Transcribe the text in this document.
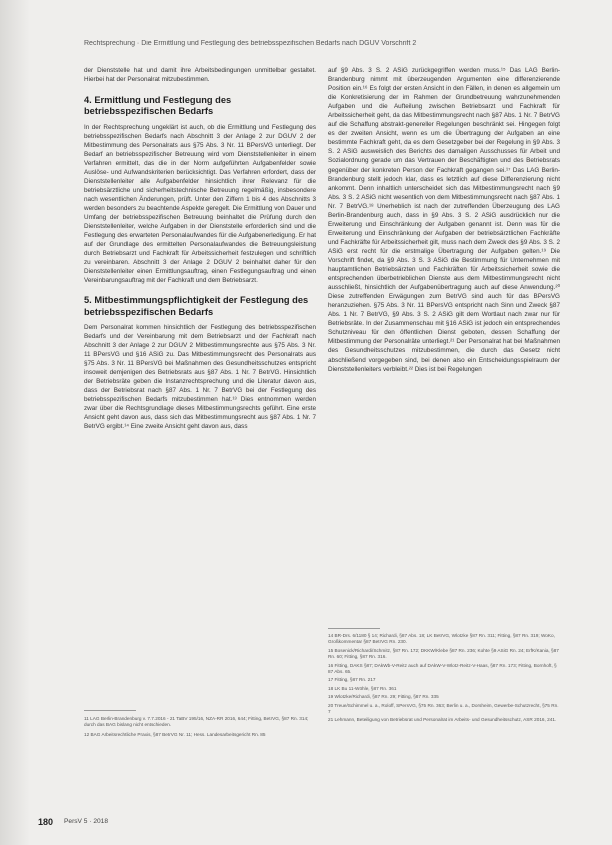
Rechtsprechung · Die Ermittlung und Festlegung des betriebsspezifischen Bedarfs nach DGUV Vorschrift 2

der Dienststelle hat und damit ihre Arbeitsbedingungen unmittelbar gestaltet. Hierbei hat der Personalrat mitzubestimmen.

4. Ermittlung und Festlegung des betriebsspezifischen Bedarfs

In der Rechtsprechung ungeklärt ist auch, ob die Ermittlung und Festlegung des betriebsspezifischen Bedarfs nach Abschnitt 3 der Anlage 2 zur DGUV 2 der Mitbestimmung des Personalrats aus §75 Abs. 3 Nr. 11 BPersVG unterliegt. Der Bedarf an betriebsspezifischer Betreuung wird vom Dienststellenleiter in einem Verfahren ermittelt, das die in der Norm aufgeführten Aufgabenfelder sowie Auslöse- und Aufwandskriterien berücksichtigt. Das Verfahren erfordert, dass der Dienststellenleiter alle Aufgabenfelder hinsichtlich ihrer Relevanz für die betriebsärztliche und sicherheitstechnische Betreuung regelmäßig, insbesondere nach wesentlichen Änderungen, prüft. Unter den Ziffern 1 bis 4 des Abschnitts 3 werden besonders zu beachtende Aspekte geregelt. Die Ermittlung von Dauer und Umfang der betriebsspezifischen Betreuung beinhaltet die Prüfung durch den Dienststellenleiter, welche Aufgaben in der Dienststelle erforderlich sind und die Festlegung des erwarteten Personalaufwandes für die Aufgabenerledigung. Er hat auf der Grundlage des ermittelten Personalaufwandes die Betreuungsleistung durch Betriebsarzt und Fachkraft für Arbeitssicherheit festzulegen und schriftlich zu vereinbaren. Abschnitt 3 der Anlage 2 DGUV 2 beinhaltet daher für den Dienststellenleiter einen Ermittlungsauftrag, einen Festlegungsauftrag und einen Vereinbarungsauftrag mit der Fachkraft und dem Betriebsarzt.

5. Mitbestimmungspflichtigkeit der Festlegung des betriebsspezifischen Bedarfs

Dem Personalrat kommen hinsichtlich der Festlegung des betriebsspezifischen Bedarfs und der Vereinbarung mit dem Betriebsarzt und der Fachkraft nach Abschnitt 3 der Anlage 2 zur DGUV 2 Mitbestimmungsrechte aus §75 Abs. 3 Nr. 11 BPersVG und §16 ASiG zu. Das Mitbestimmungsrecht des Personalrats aus §75 Abs. 3 Nr. 11 BPersVG bei Maßnahmen des Gesundheitsschutzes entspricht insoweit demjenigen des Betriebsrats aus §87 Abs. 1 Nr. 7 BetrVG. Hinsichtlich der Betriebsräte geben die Instanzrechtsprechung und die Literatur davon aus, dass der Betriebsrat nach §87 Abs. 1 Nr. 7 BetrVG bei der Festlegung des betriebsspezifischen Bedarfs mitzubestimmen hat.¹³ Dies entnommen werden zwar über die Rechtsgrundlage dieses Mitbestimmungsrechts geführt. Eine erste Ansicht geht davon aus, dass sich das Mitbestimmungsrecht aus §87 Abs. 1 Nr. 7 BetrVG ergibt.¹⁴ Eine zweite Ansicht geht davon aus, dass

11 LAG Berlin-Brandenburg v. 7.7.2016 - 21 TaBV 195/16, NZA-RR 2016, 644; Fitting, BetrVG, §87 Rn. 314; durch das BAG bislang nicht entschieden.

12 BAG Arbeitsrechtliche Praxis, §87 BetrVG Nr. 11; Hess. Landesarbeitsgericht Rn. 85

auf §9 Abs. 3 S. 2 ASiG zurückgegriffen werden muss.¹⁵ Das LAG Berlin-Brandenburg nimmt mit überzeugenden Argumenten eine differenzierende Position ein.¹⁶ Es folgt der ersten Ansicht in den Fällen, in denen es allgemein um die Konkretisierung der im Rahmen der Grundbetreuung wahrzunehmenden Aufgaben und die Aufteilung zwischen Betriebsarzt und Fachkraft für Arbeitssicherheit geht, da das Mitbestimmungsrecht nach §87 Abs. 1 Nr. 7 BetrVG auf die Schaffung abstrakt-genereller Regelungen beschränkt sei. Hingegen folgt es der zweiten Ansicht, wenn es um die Übertragung der Aufgaben an eine bestimmte Fachkraft geht, da es dem Gesetzgeber bei der Regelung in §9 Abs. 3 S. 2 ASiG ausweislich des Berichts des damaligen Ausschusses für Arbeit und Sozialordnung gerade um das Vertrauen der Beschäftigten und des Betriebsrats gegenüber der konkreten Person der Fachkraft gegangen sei.¹⁷ Das LAG Berlin-Brandenburg stellt jedoch klar, dass es letztlich auf diese Differenzierung nicht ankommt. Denn inhaltlich unterscheidet sich das Mitbestimmungsrecht nach §9 Abs. 3 S. 2 ASiG nicht wesentlich von dem Mitbestimmungsrecht nach §87 Abs. 1 Nr. 7 BetrVG.¹⁸ Unerheblich ist nach der zutreffenden Überzeugung des LAG Berlin-Brandenburg auch, dass in §9 Abs. 3 S. 2 ASiG ausdrücklich nur die Erweiterung und Einschränkung der Aufgaben genannt ist. Denn was für die Erweiterung und Einschränkung der Aufgaben der betriebsärztlichen Fachkräfte und Fachkräfte für Arbeitssicherheit gilt, muss nach dem Zweck des §9 Abs. 3 S. 2 ASiG erst recht für die erstmalige Übertragung der Aufgaben gelten.¹⁹ Die Vorschrift findet, da §9 Abs. 3 S. 3 ASiG die Bestimmung für Unternehmen mit hauptamtlichen Betriebsärzten und Fachkräften für Arbeitssicherheit sowie die entsprechenden überbetrieblichen Dienste aus dem Mitbestimmungsrecht nicht ausschließt, hinsichtlich der Aufgabenübertragung auch auf diese Anwendung.²⁰ Diese zutreffenden Erwägungen zum BetrVG sind auch für das BPersVG heranzuziehen. §75 Abs. 3 Nr. 11 BPersVG entspricht nach Sinn und Zweck §87 Abs. 1 Nr. 7 BetrVG, §9 Abs. 3 S. 2 ASiG gilt dem Wortlaut nach zwar nur für Betriebsräte. In der Zusammenschau mit §16 ASiG ist jedoch ein entsprechendes Schutzniveau für den öffentlichen Dienst geboten, dessen Schaffung der Mitbestimmung der Personalräte unterliegt.²¹ Der Personalrat hat bei Maßnahmen des Gesundheitsschutzes mitzubestimmen, die durch das Gesetz nicht abschließend vorgegeben sind, bei denen also ein Entscheidungsspielraum der Dienststellenleiters verbleibt.²² Dies ist bei Regelungen

14 BR-Drs. 6/1180 § 14; Richardi, §87 Abs. 18; LK BetrVG, Wlotzke §87 Rn. 311; Fitting, §87 Rn. 319; WoKo, Großkommentar §87 BetrVG Rn. 230.

15 Bosenick/Richardi/Schmitz, §87 Rn. 172; DKKW/Klebe §87 Rn. 236; Kohte §9 ASiG Rn. 24; ErfK/Kania, §87 Rn. 60; Fitting, §87 Rn. 316.

16 Fitting, DAKS §87; DAkWb-V-Reitz auch auf DAkW-V-Wlotz-Reitz-V-Haas, §87 Rn. 173; Fitting, Bornhoft, § 87 Abs. 65.

17 Fitting, §87 Rn. 217

18 LK Bu 11-Wöhle, §87 Rn. 361

19 Wlotzke/Richardi, §87 Rn. 29; Fitting, §87 Rn. 335

20 Treue/Schimmel u. a., Roloff, SPersVG, §75 Rn. 363; Berlin u. a., Dorsheim, Gewerbe-Schutzrecht, §75 Rn. 7

21 Lehmann, Beteiligung von Betriebsrat und Personalrat im Arbeits- und Gesundheitsschutz, ASR 2016, 241.

180 PersV 5 · 2018
